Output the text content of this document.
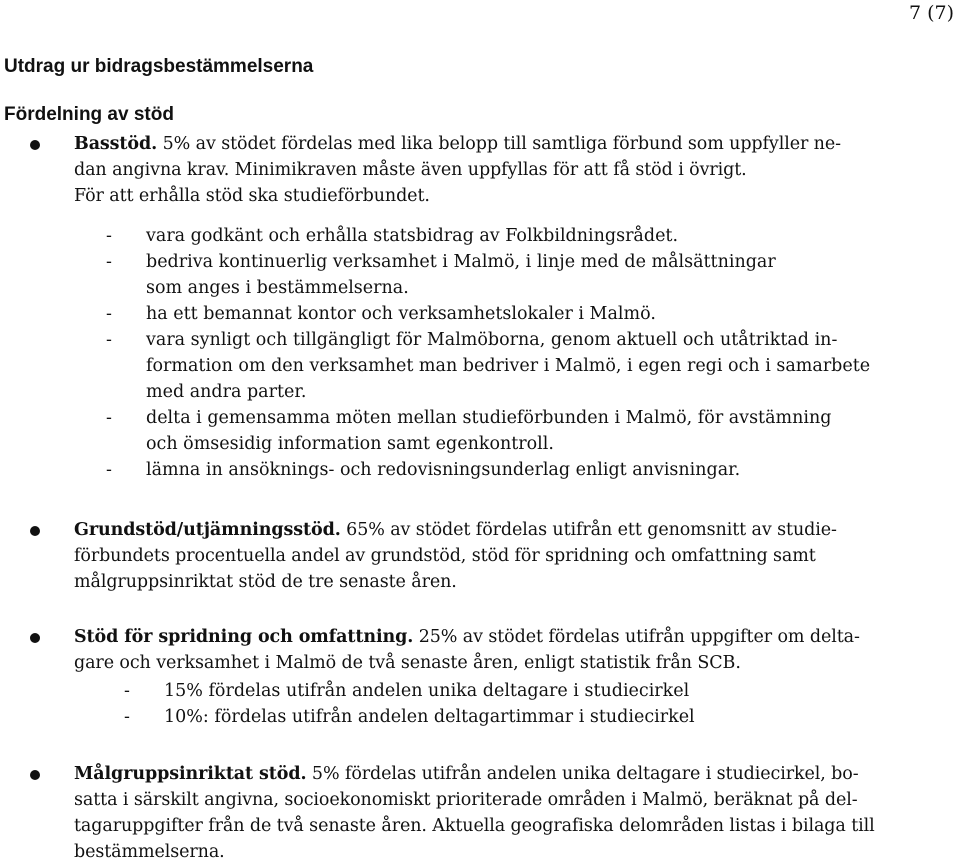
7 (7)
Utdrag ur bidragsbestämmelserna
Fördelning av stöd
Basstöd. 5% av stödet fördelas med lika belopp till samtliga förbund som uppfyller ne-
dan angivna krav. Minimikraven måste även uppfyllas för att få stöd i övrigt.
För att erhålla stöd ska studieförbundet.
- vara godkänt och erhålla statsbidrag av Folkbildningsrådet.
- bedriva kontinuerlig verksamhet i Malmö, i linje med de målsättningar
som anges i bestämmelserna.
- ha ett bemannat kontor och verksamhetslokaler i Malmö.
- vara synligt och tillgängligt för Malmöborna, genom aktuell och utåtriktad in-
formation om den verksamhet man bedriver i Malmö, i egen regi och i samarbete
med andra parter.
- delta i gemensamma möten mellan studieförbunden i Malmö, för avstämning
och ömsesidig information samt egenkontroll.
- lämna in ansöknings- och redovisningsunderlag enligt anvisningar.
Grundstöd/utjämningsstöd. 65% av stödet fördelas utifrån ett genomsnitt av studie-
förbundets procentuella andel av grundstöd, stöd för spridning och omfattning samt
målgruppsinriktat stöd de tre senaste åren.
Stöd för spridning och omfattning. 25% av stödet fördelas utifrån uppgifter om delta-
gare och verksamhet i Malmö de två senaste åren, enligt statistik från SCB.
- 15% fördelas utifrån andelen unika deltagare i studiecirkel
- 10%: fördelas utifrån andelen deltagartimmar i studiecirkel
Målgruppsinriktat stöd. 5% fördelas utifrån andelen unika deltagare i studiecirkel, bo-
satta i särskilt angivna, socioekonomiskt prioriterade områden i Malmö, beräknat på del-
tagaruppgifter från de två senaste åren. Aktuella geografiska delområden listas i bilaga till
bestämmelserna.
